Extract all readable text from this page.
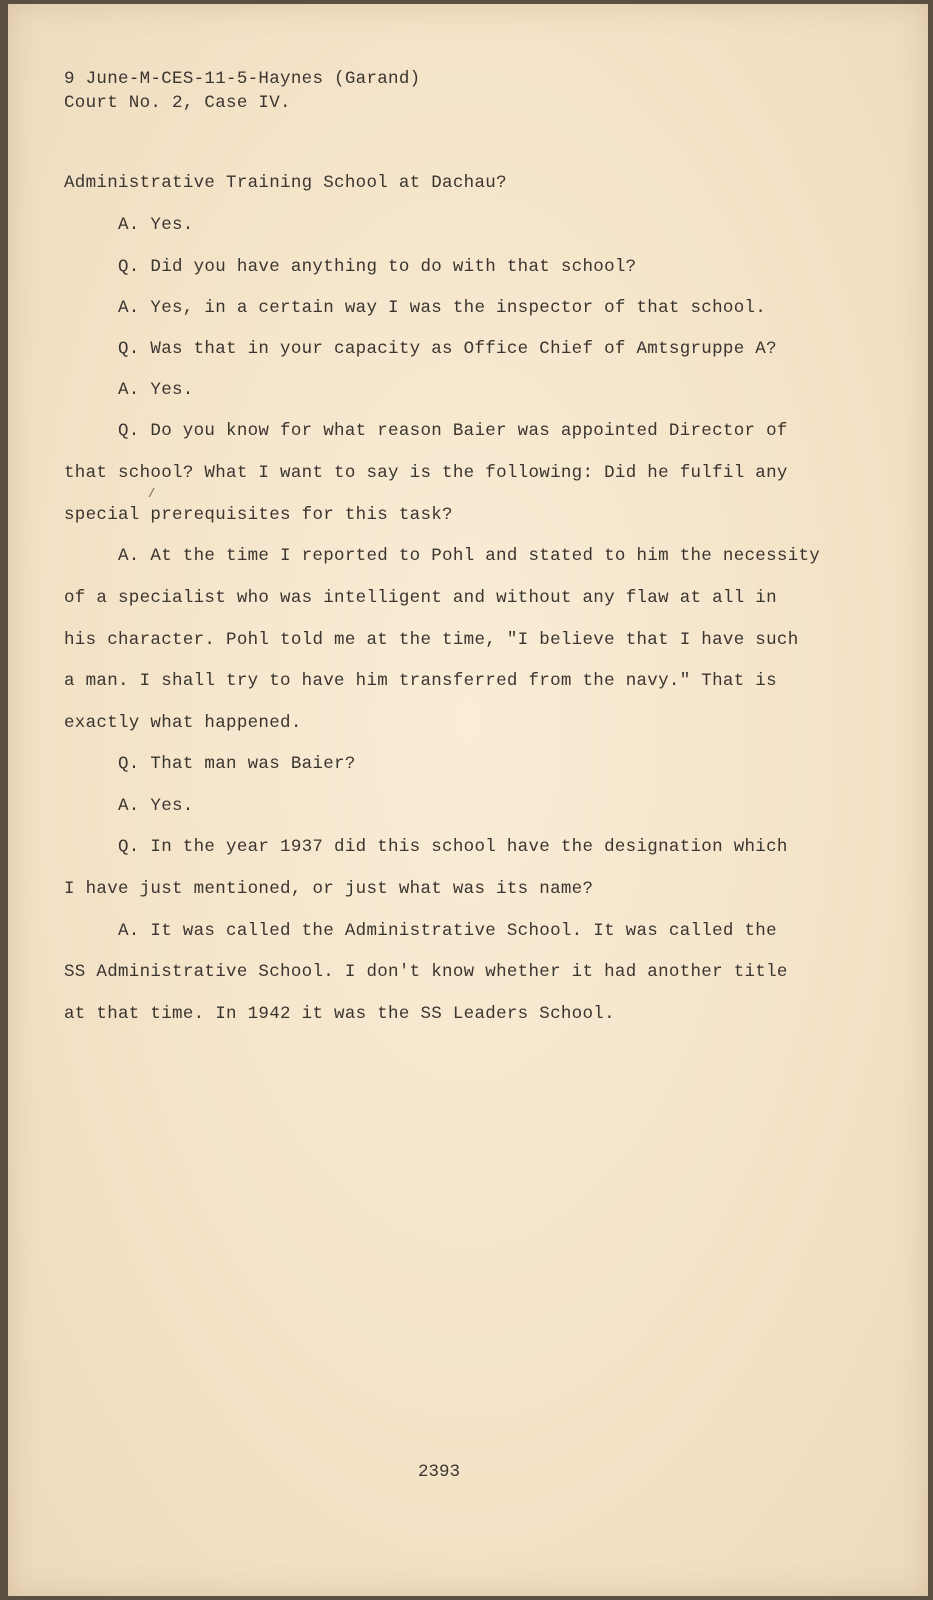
9 June-M-CES-11-5-Haynes (Garand)
Court No. 2, Case IV.
Administrative Training School at Dachau?
A. Yes.
Q. Did you have anything to do with that school?
A. Yes, in a certain way I was the inspector of that school.
Q. Was that in your capacity as Office Chief of Amtsgruppe A?
A. Yes.
Q. Do you know for what reason Baier was appointed Director of
that school? What I want to say is the following: Did he fulfil any
special prerequisites for this task?
A. At the time I reported to Pohl and stated to him the necessity
of a specialist who was intelligent and without any flaw at all in
his character. Pohl told me at the time, "I believe that I have such
a man. I shall try to have him transferred from the navy." That is
exactly what happened.
Q. That man was Baier?
A. Yes.
Q. In the year 1937 did this school have the designation which
I have just mentioned, or just what was its name?
A. It was called the Administrative School. It was called the
SS Administrative School. I don't know whether it had another title
at that time. In 1942 it was the SS Leaders School.
/
2393
